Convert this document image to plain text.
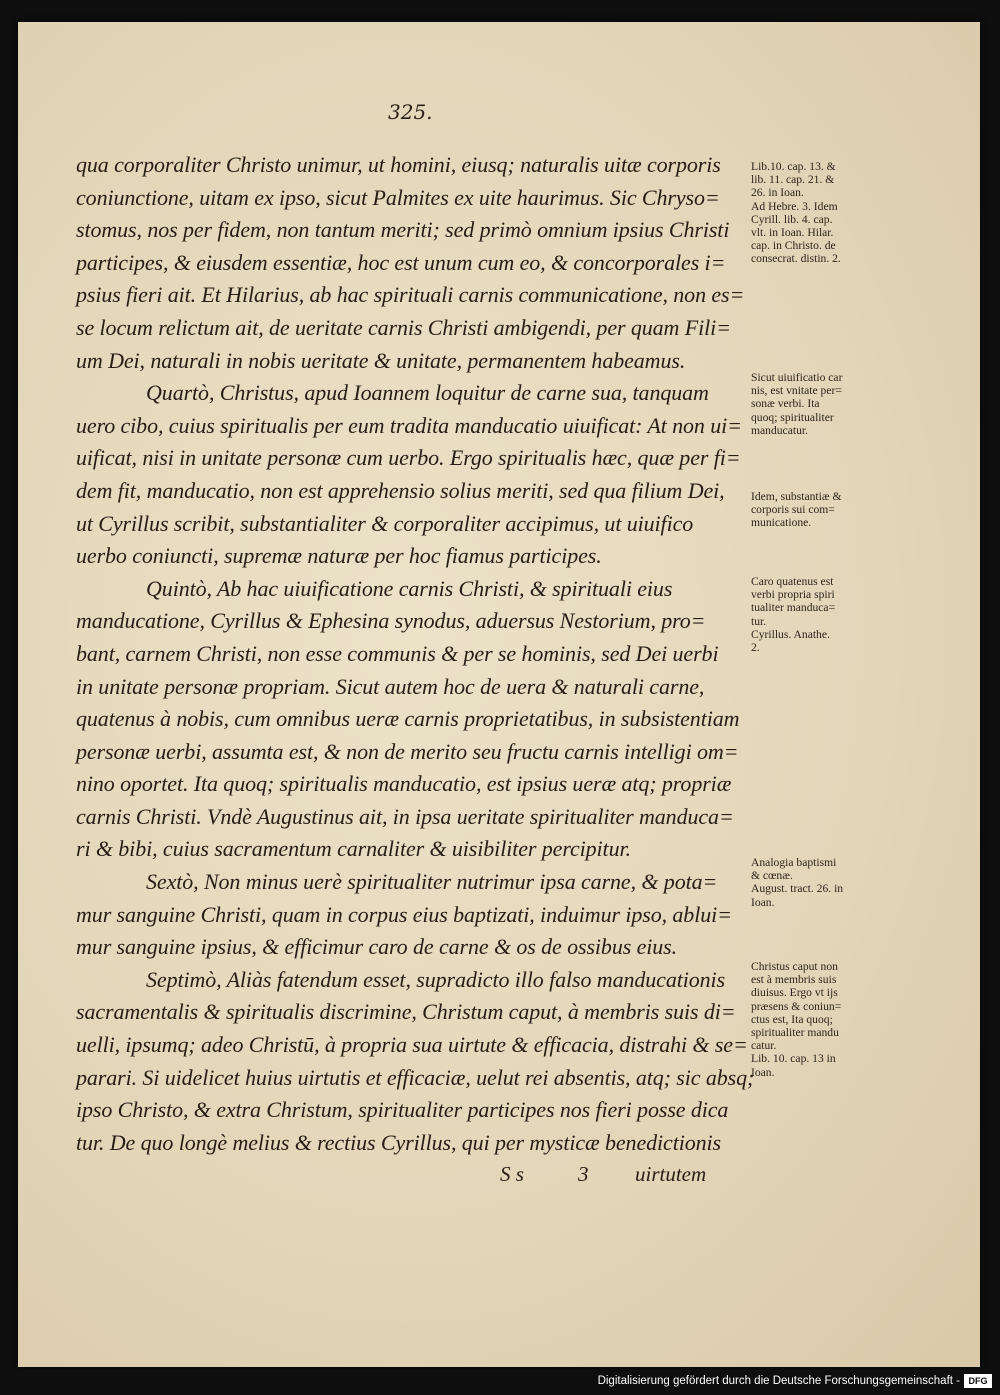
325.
qua corporaliter Christo unimur, ut homini, eiusq; naturalis uitæ corporis
coniunctione, uitam ex ipso, sicut Palmites ex uite haurimus. Sic Chryso=
stomus, nos per fidem, non tantum meriti; sed primò omnium ipsius Christi
participes, & eiusdem essentiæ, hoc est unum cum eo, & concorporales i=
psius fieri ait. Et Hilarius, ab hac spirituali carnis communicatione, non es=
se locum relictum ait, de ueritate carnis Christi ambigendi, per quam Fili=
um Dei, naturali in nobis ueritate & unitate, permanentem habeamus.
Quartò, Christus, apud Ioannem loquitur de carne sua, tanquam
uero cibo, cuius spiritualis per eum tradita manducatio uiuificat: At non ui=
uificat, nisi in unitate personæ cum uerbo. Ergo spiritualis hæc, quæ per fi=
dem fit, manducatio, non est apprehensio solius meriti, sed qua filium Dei,
ut Cyrillus scribit, substantialiter & corporaliter accipimus, ut uiuifico
uerbo coniuncti, supremæ naturæ per hoc fiamus participes.
Quintò, Ab hac uiuificatione carnis Christi, & spirituali eius
manducatione, Cyrillus & Ephesina synodus, aduersus Nestorium, pro=
bant, carnem Christi, non esse communis & per se hominis, sed Dei uerbi
in unitate personæ propriam. Sicut autem hoc de uera & naturali carne,
quatenus à nobis, cum omnibus ueræ carnis proprietatibus, in subsistentiam
personæ uerbi, assumta est, & non de merito seu fructu carnis intelligi om=
nino oportet. Ita quoq; spiritualis manducatio, est ipsius ueræ atq; propriæ
carnis Christi. Vndè Augustinus ait, in ipsa ueritate spiritualiter manduca=
ri & bibi, cuius sacramentum carnaliter & uisibiliter percipitur.
Sextò, Non minus uerè spiritualiter nutrimur ipsa carne, & pota=
mur sanguine Christi, quam in corpus eius baptizati, induimur ipso, ablui=
mur sanguine ipsius, & efficimur caro de carne & os de ossibus eius.
Septimò, Aliàs fatendum esset, supradicto illo falso manducationis
sacramentalis & spiritualis discrimine, Christum caput, à membris suis di=
uelli, ipsumq; adeo Christū, à propria sua uirtute & efficacia, distrahi & se=
parari. Si uidelicet huius uirtutis et efficaciæ, uelut rei absentis, atq; sic absq;
ipso Christo, & extra Christum, spiritualiter participes nos fieri posse dica
tur. De quo longè melius & rectius Cyrillus, qui per mysticæ benedictionis
S s	3 uirtutem
Lib.10. cap. 13. &
lib. 11. cap. 21. &
26. in Ioan.
Ad Hebre. 3. Idem
Cyrill. lib. 4. cap.
vlt. in Ioan. Hilar.
cap. in Christo. de
consecrat. distin. 2.
Sicut uiuificatio car
nis, est vnitate per=
sonæ verbi. Ita
quoq; spiritualiter
manducatur.
Idem, substantiæ &
corporis sui com=
municatione.
Caro quatenus est
verbi propria spiri
tualiter manduca=
tur.
Cyrillus. Anathe.
2.
Analogia baptismi
& cœnæ.
August. tract. 26. in
Ioan.
Christus caput non
est à membris suis
diuisus. Ergo vt ijs
præsens & coniun=
ctus est, Ita quoq;
spiritualiter mandu
catur.
Lib. 10. cap. 13 in
Ioan.
Digitalisierung gefördert durch die Deutsche Forschungsgemeinschaft - DFG
